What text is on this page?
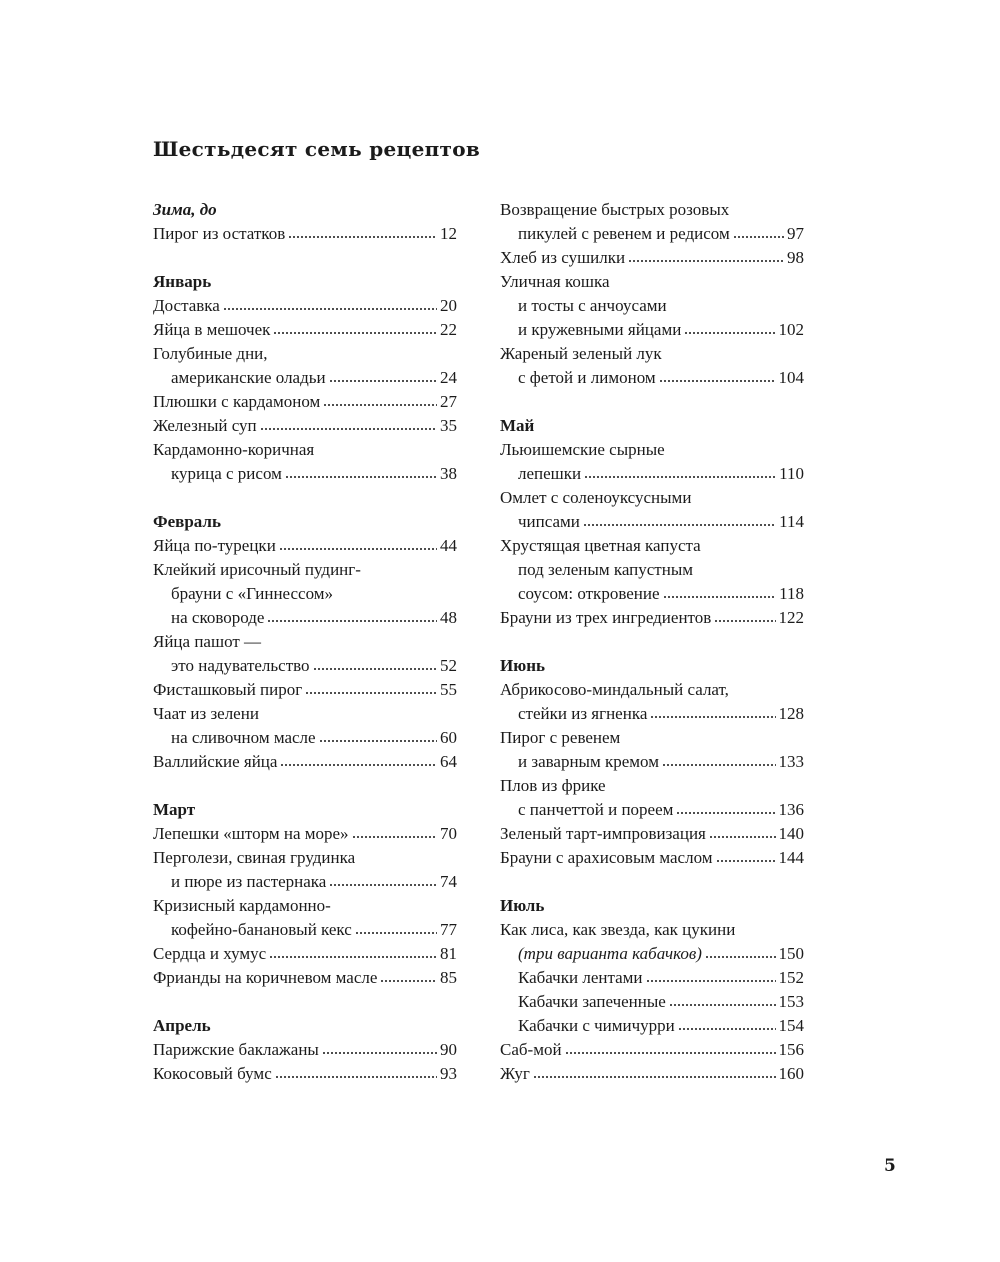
Шестьдесят семь рецептов
Зима, до
Пирог из остатков	12
Январь
Доставка	20
Яйца в мешочек	22
Голубиные дни,
американские оладьи	24
Плюшки с кардамоном	27
Железный суп	35
Кардамонно-коричная
курица с рисом	38
Февраль
Яйца по-турецки	44
Клейкий ирисочный пудинг-
брауни с «Гиннессом»
на сковороде	48
Яйца пашот —
это надувательство	52
Фисташковый пирог	55
Чаат из зелени
на сливочном масле	60
Валлийские яйца	64
Март
Лепешки «шторм на море»	70
Перголези, свиная грудинка
и пюре из пастернака	74
Кризисный кардамонно-
кофейно-банановый кекс	77
Сердца и хумус	81
Фрианды на коричневом масле	85
Апрель
Парижские баклажаны	90
Кокосовый бумс	93
Возвращение быстрых розовых
пикулей с ревенем и редисом	97
Хлеб из сушилки	98
Уличная кошка
и тосты с анчоусами
и кружевными яйцами	102
Жареный зеленый лук
с фетой и лимоном	104
Май
Льюишемские сырные
лепешки	110
Омлет с соленоуксусными
чипсами	114
Хрустящая цветная капуста
под зеленым капустным
соусом: откровение	118
Брауни из трех ингредиентов	122
Июнь
Абрикосово-миндальный салат,
стейки из ягненка	128
Пирог с ревенем
и заварным кремом	133
Плов из фрике
с панчеттой и пореем	136
Зеленый тарт-импровизация	140
Брауни с арахисовым маслом	144
Июль
Как лиса, как звезда, как цукини
(три варианта кабачков)	150
Кабачки лентами	152
Кабачки запеченные	153
Кабачки с чимичурри	154
Саб-мой	156
Жуг	160
5
